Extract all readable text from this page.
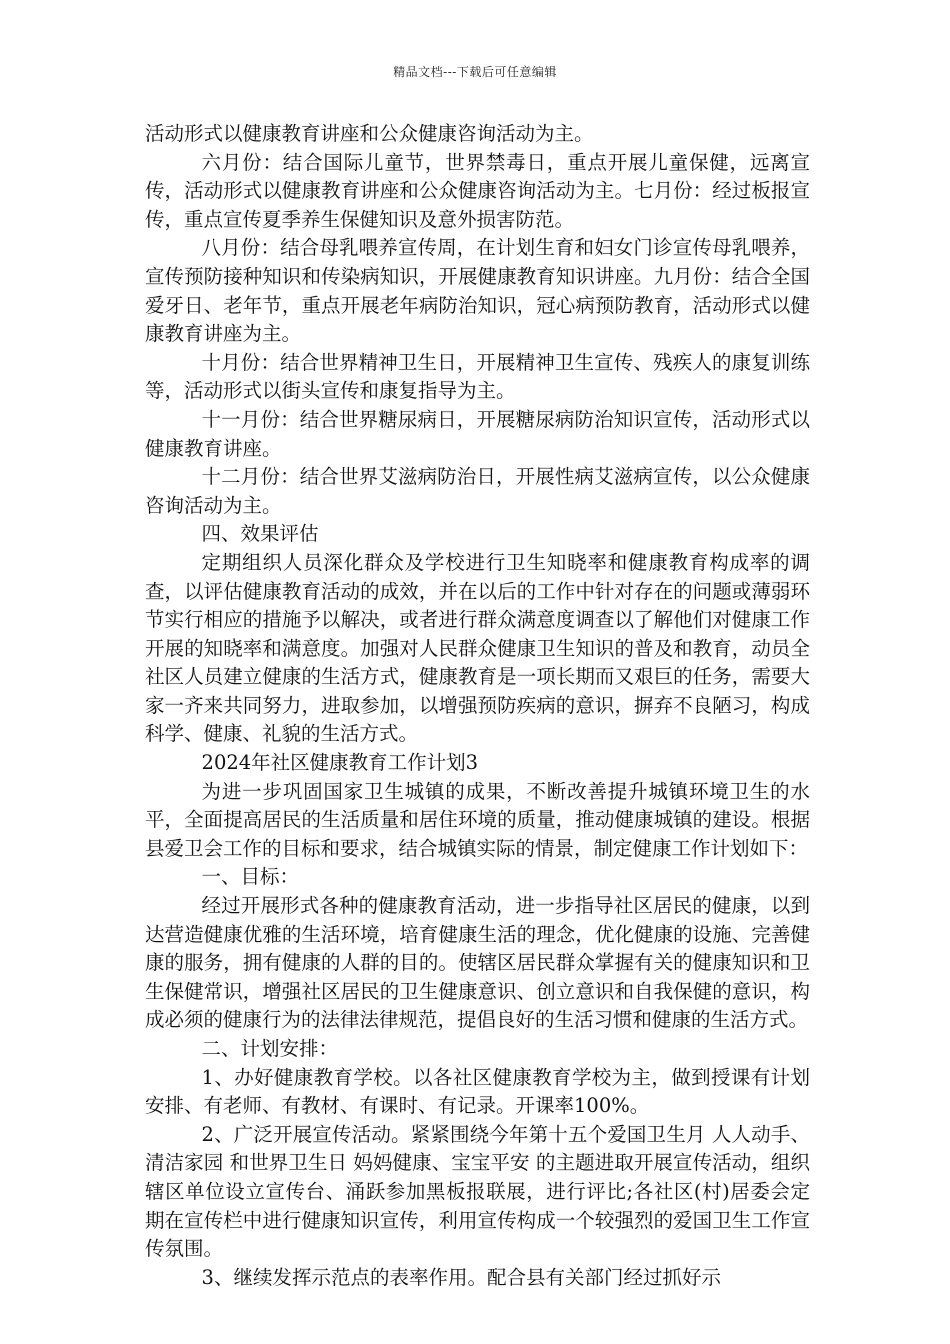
精品文档---下载后可任意编辑

活动形式以健康教育讲座和公众健康咨询活动为主。

六月份：结合国际儿童节，世界禁毒日，重点开展儿童保健，远离宣传，活动形式以健康教育讲座和公众健康咨询活动为主。七月份：经过板报宣传，重点宣传夏季养生保健知识及意外损害防范。

八月份：结合母乳喂养宣传周，在计划生育和妇女门诊宣传母乳喂养，宣传预防接种知识和传染病知识，开展健康教育知识讲座。九月份：结合全国爱牙日、老年节，重点开展老年病防治知识，冠心病预防教育，活动形式以健康教育讲座为主。

十月份：结合世界精神卫生日，开展精神卫生宣传、残疾人的康复训练等，活动形式以街头宣传和康复指导为主。

十一月份：结合世界糖尿病日，开展糖尿病防治知识宣传，活动形式以健康教育讲座。

十二月份：结合世界艾滋病防治日，开展性病艾滋病宣传，以公众健康咨询活动为主。

四、效果评估

定期组织人员深化群众及学校进行卫生知晓率和健康教育构成率的调查，以评估健康教育活动的成效，并在以后的工作中针对存在的问题或薄弱环节实行相应的措施予以解决，或者进行群众满意度调查以了解他们对健康工作开展的知晓率和满意度。加强对人民群众健康卫生知识的普及和教育，动员全社区人员建立健康的生活方式，健康教育是一项长期而又艰巨的任务，需要大家一齐来共同努力，进取参加，以增强预防疾病的意识，摒弃不良陋习，构成科学、健康、礼貌的生活方式。

2024年社区健康教育工作计划3

为进一步巩固国家卫生城镇的成果，不断改善提升城镇环境卫生的水平，全面提高居民的生活质量和居住环境的质量，推动健康城镇的建设。根据县爱卫会工作的目标和要求，结合城镇实际的情景，制定健康工作计划如下：

一、目标：

经过开展形式各种的健康教育活动，进一步指导社区居民的健康，以到达营造健康优雅的生活环境，培育健康生活的理念，优化健康的设施、完善健康的服务，拥有健康的人群的目的。使辖区居民群众掌握有关的健康知识和卫生保健常识，增强社区居民的卫生健康意识、创立意识和自我保健的意识，构成必须的健康行为的法律法律规范，提倡良好的生活习惯和健康的生活方式。

二、计划安排：

1、办好健康教育学校。以各社区健康教育学校为主，做到授课有计划安排、有老师、有教材、有课时、有记录。开课率100%。

2、广泛开展宣传活动。紧紧围绕今年第十五个爱国卫生月 人人动手、清洁家园 和世界卫生日 妈妈健康、宝宝平安 的主题进取开展宣传活动，组织辖区单位设立宣传台、涌跃参加黑板报联展，进行评比;各社区(村)居委会定期在宣传栏中进行健康知识宣传，利用宣传构成一个较强烈的爱国卫生工作宣传氛围。

3、继续发挥示范点的表率作用。配合县有关部门经过抓好示
